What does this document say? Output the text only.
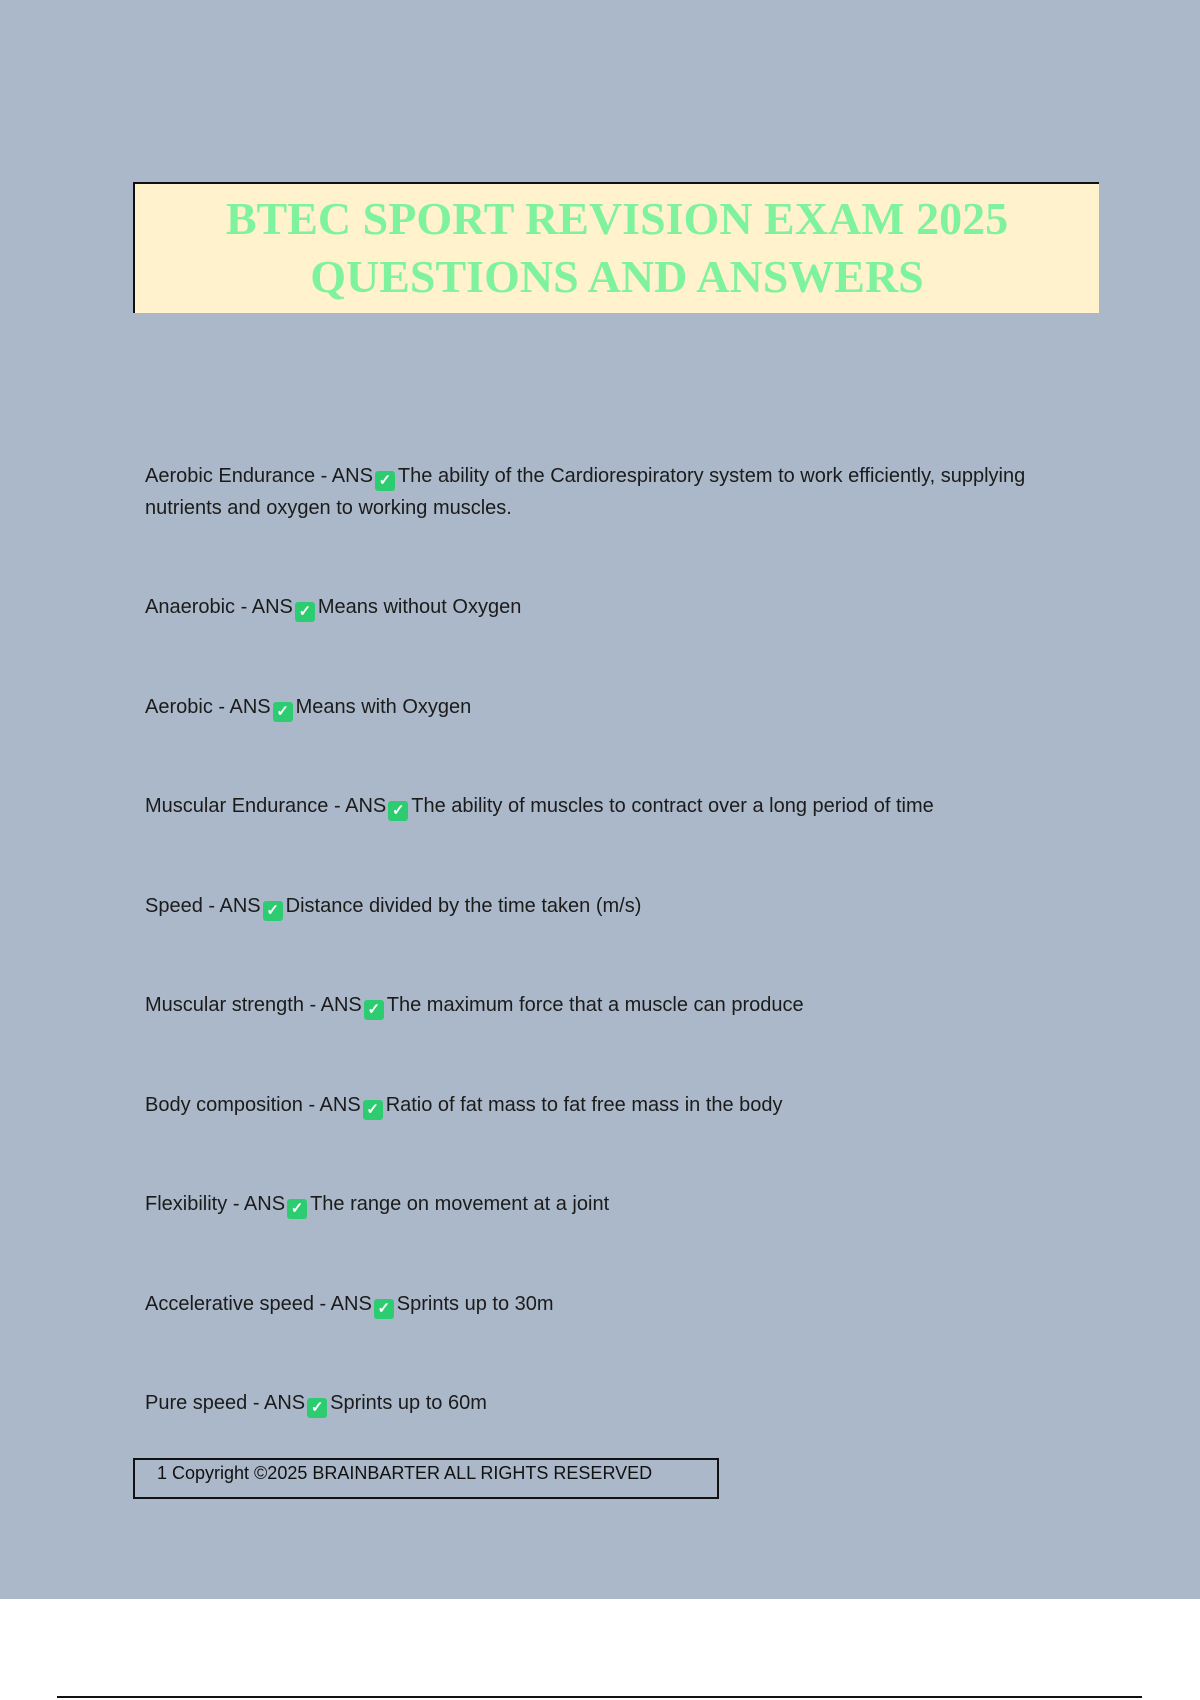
BTEC SPORT REVISION EXAM 2025
QUESTIONS AND ANSWERS
Aerobic Endurance - ANS ✓ The ability of the Cardiorespiratory system to work efficiently, supplying nutrients and oxygen to working muscles.
Anaerobic - ANS ✓ Means without Oxygen
Aerobic - ANS ✓ Means with Oxygen
Muscular Endurance - ANS ✓ The ability of muscles to contract over a long period of time
Speed - ANS ✓ Distance divided by the time taken (m/s)
Muscular strength - ANS ✓ The maximum force that a muscle can produce
Body composition - ANS ✓ Ratio of fat mass to fat free mass in the body
Flexibility - ANS ✓ The range on movement at a joint
Accelerative speed - ANS ✓ Sprints up to 30m
Pure speed - ANS ✓ Sprints up to 60m
1 Copyright ©2025 BRAINBARTER ALL RIGHTS RESERVED
